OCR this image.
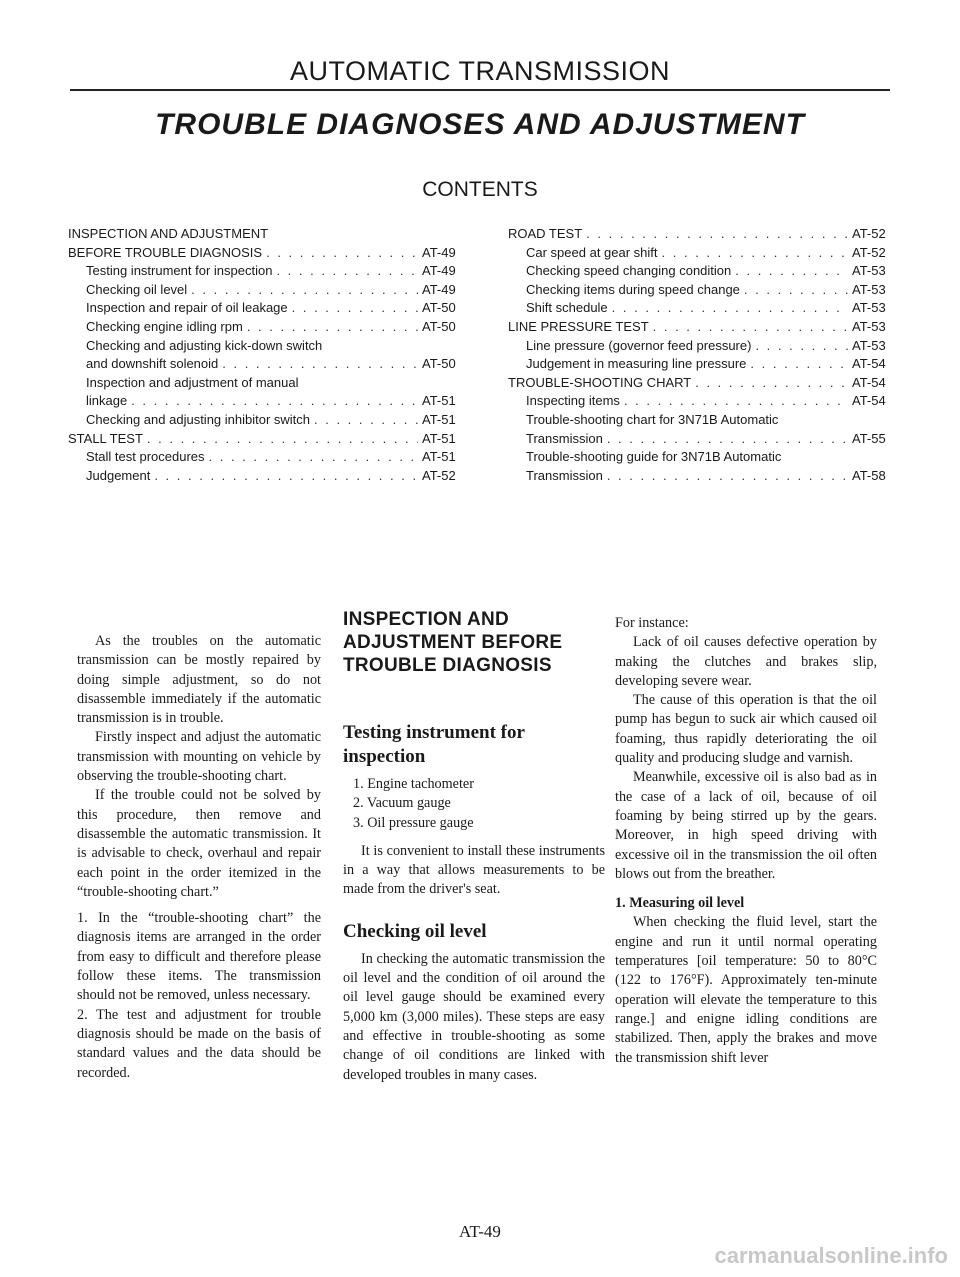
AUTOMATIC TRANSMISSION
TROUBLE DIAGNOSES AND ADJUSTMENT
CONTENTS
INSPECTION AND ADJUSTMENT
BEFORE TROUBLE DIAGNOSIS . . .	AT-49
Testing instrument for inspection . . .	AT-49
Checking oil level . . .	AT-49
Inspection and repair of oil leakage . . .	AT-50
Checking engine idling rpm . . .	AT-50
Checking and adjusting kick-down switch
and downshift solenoid . . .	AT-50
Inspection and adjustment of manual
linkage . . .	AT-51
Checking and adjusting inhibitor switch . . .	AT-51
STALL TEST . . .	AT-51
Stall test procedures . . .	AT-51
Judgement . . .	AT-52
ROAD TEST . . .	AT-52
Car speed at gear shift . . .	AT-52
Checking speed changing condition . . .	AT-53
Checking items during speed change . . .	AT-53
Shift schedule . . .	AT-53
LINE PRESSURE TEST . . .	AT-53
Line pressure (governor feed pressure) . . .	AT-53
Judgement in measuring line pressure . . .	AT-54
TROUBLE-SHOOTING CHART . . .	AT-54
Inspecting items . . .	AT-54
Trouble-shooting chart for 3N71B Automatic
Transmission . . .	AT-55
Trouble-shooting guide for 3N71B Automatic
Transmission . . .	AT-58

As the troubles on the automatic transmission can be mostly repaired by doing simple adjustment, so do not disassemble immediately if the automatic transmission is in trouble.

Firstly inspect and adjust the automatic transmission with mounting on vehicle by observing the trouble-shooting chart.

If the trouble could not be solved by this procedure, then remove and disassemble the automatic transmission. It is advisable to check, overhaul and repair each point in the order itemized in the “trouble-shooting chart.”

1. In the “trouble-shooting chart” the diagnosis items are arranged in the order from easy to difficult and therefore please follow these items. The transmission should not be removed, unless necessary.

2. The test and adjustment for trouble diagnosis should be made on the basis of standard values and the data should be recorded.

INSPECTION AND ADJUSTMENT BEFORE TROUBLE DIAGNOSIS
Testing instrument for inspection
1. Engine tachometer
2. Vacuum gauge
3. Oil pressure gauge

It is convenient to install these instruments in a way that allows measurements to be made from the driver's seat.

Checking oil level

In checking the automatic transmission the oil level and the condition of oil around the oil level gauge should be examined every 5,000 km (3,000 miles). These steps are easy and effective in trouble-shooting as some change of oil conditions are linked with developed troubles in many cases.

For instance:

Lack of oil causes defective operation by making the clutches and brakes slip, developing severe wear.

The cause of this operation is that the oil pump has begun to suck air which caused oil foaming, thus rapidly deteriorating the oil quality and producing sludge and varnish.

Meanwhile, excessive oil is also bad as in the case of a lack of oil, because of oil foaming by being stirred up by the gears. Moreover, in high speed driving with excessive oil in the transmission the oil often blows out from the breather.

1. Measuring oil level

When checking the fluid level, start the engine and run it until normal operating temperatures [oil temperature: 50 to 80°C (122 to 176°F). Approximately ten-minute operation will elevate the temperature to this range.] and enigne idling conditions are stabilized. Then, apply the brakes and move the transmission shift lever

AT-49
carmanualsonline.info
